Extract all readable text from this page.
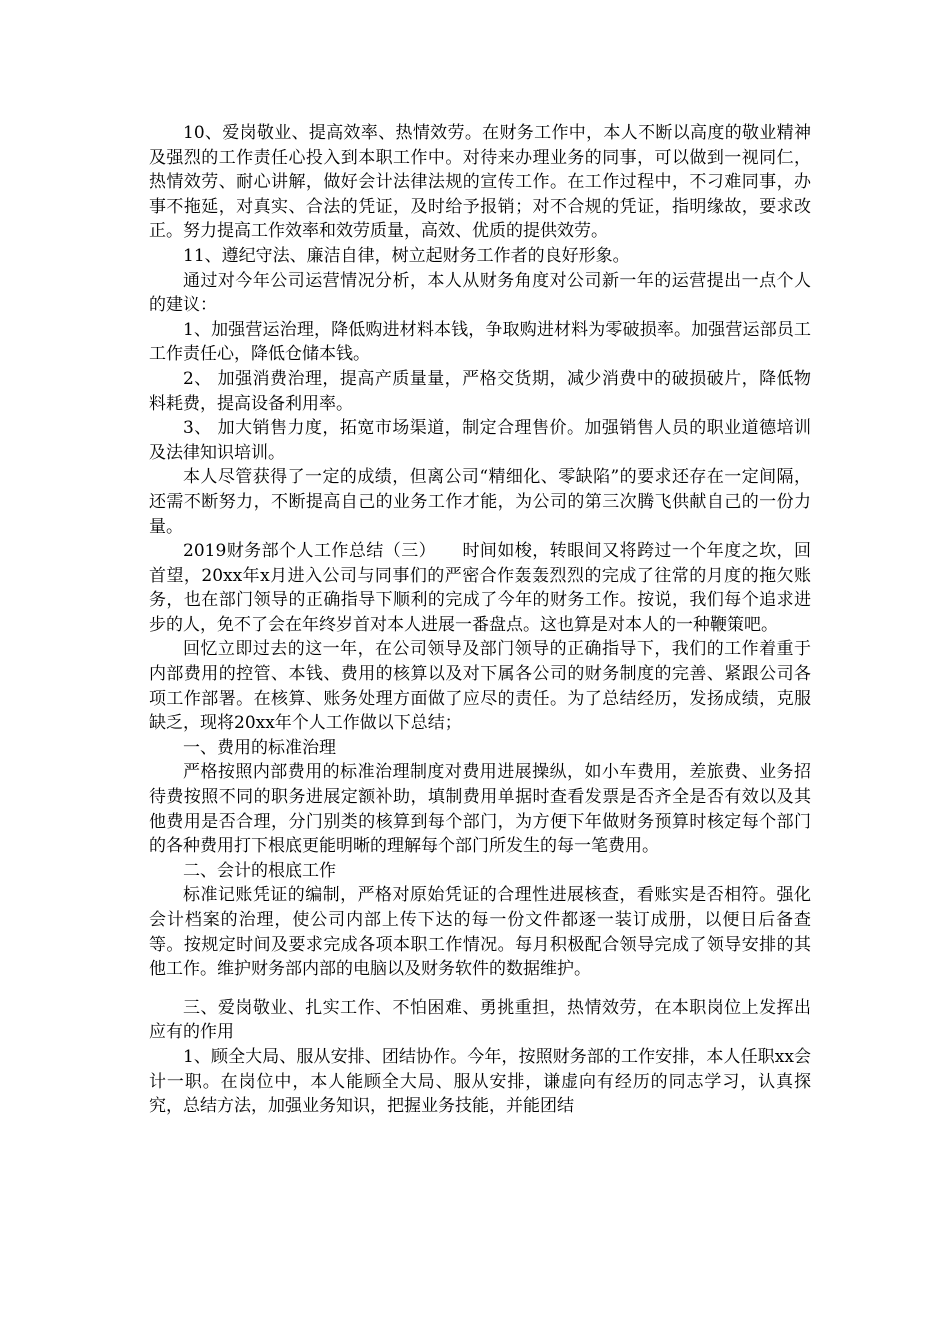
10、爱岗敬业、提高效率、热情效劳。在财务工作中，本人不断以高度的敬业精神及强烈的工作责任心投入到本职工作中。对待来办理业务的同事，可以做到一视同仁，热情效劳、耐心讲解，做好会计法律法规的宣传工作。在工作过程中，不刁难同事，办事不拖延，对真实、合法的凭证，及时给予报销；对不合规的凭证，指明缘故，要求改正。努力提高工作效率和效劳质量，高效、优质的提供效劳。

11、遵纪守法、廉洁自律，树立起财务工作者的良好形象。

通过对今年公司运营情况分析，本人从财务角度对公司新一年的运营提出一点个人的建议：

1、加强营运治理，降低购进材料本钱，争取购进材料为零破损率。加强营运部员工工作责任心，降低仓储本钱。

2、 加强消费治理，提高产质量量，严格交货期，减少消费中的破损破片，降低物料耗费，提高设备利用率。

3、 加大销售力度，拓宽市场渠道，制定合理售价。加强销售人员的职业道德培训及法律知识培训。

本人尽管获得了一定的成绩，但离公司“精细化、零缺陷”的要求还存在一定间隔，还需不断努力，不断提高自己的业务工作才能，为公司的第三次腾飞供献自己的一份力量。

2019财务部个人工作总结（三）　　时间如梭，转眼间又将跨过一个年度之坎，回首望，20xx年x月进入公司与同事们的严密合作轰轰烈烈的完成了往常的月度的拖欠账务，也在部门领导的正确指导下顺利的完成了今年的财务工作。按说，我们每个追求进步的人，免不了会在年终岁首对本人进展一番盘点。这也算是对本人的一种鞭策吧。

回忆立即过去的这一年，在公司领导及部门领导的正确指导下，我们的工作着重于内部费用的控管、本钱、费用的核算以及对下属各公司的财务制度的完善、紧跟公司各项工作部署。在核算、账务处理方面做了应尽的责任。为了总结经历，发扬成绩，克服缺乏，现将20xx年个人工作做以下总结；

一、费用的标准治理

严格按照内部费用的标准治理制度对费用进展操纵，如小车费用，差旅费、业务招待费按照不同的职务进展定额补助，填制费用单据时查看发票是否齐全是否有效以及其他费用是否合理，分门别类的核算到每个部门，为方便下年做财务预算时核定每个部门的各种费用打下根底更能明晰的理解每个部门所发生的每一笔费用。

二、会计的根底工作

标准记账凭证的编制，严格对原始凭证的合理性进展核查，看账实是否相符。强化会计档案的治理，使公司内部上传下达的每一份文件都逐一装订成册，以便日后备查等。按规定时间及要求完成各项本职工作情况。每月积极配合领导完成了领导安排的其他工作。维护财务部内部的电脑以及财务软件的数据维护。

三、爱岗敬业、扎实工作、不怕困难、勇挑重担，热情效劳，在本职岗位上发挥出应有的作用

1、顾全大局、服从安排、团结协作。今年，按照财务部的工作安排，本人任职xx会计一职。在岗位中，本人能顾全大局、服从安排，谦虚向有经历的同志学习，认真探究，总结方法，加强业务知识，把握业务技能，并能团结
